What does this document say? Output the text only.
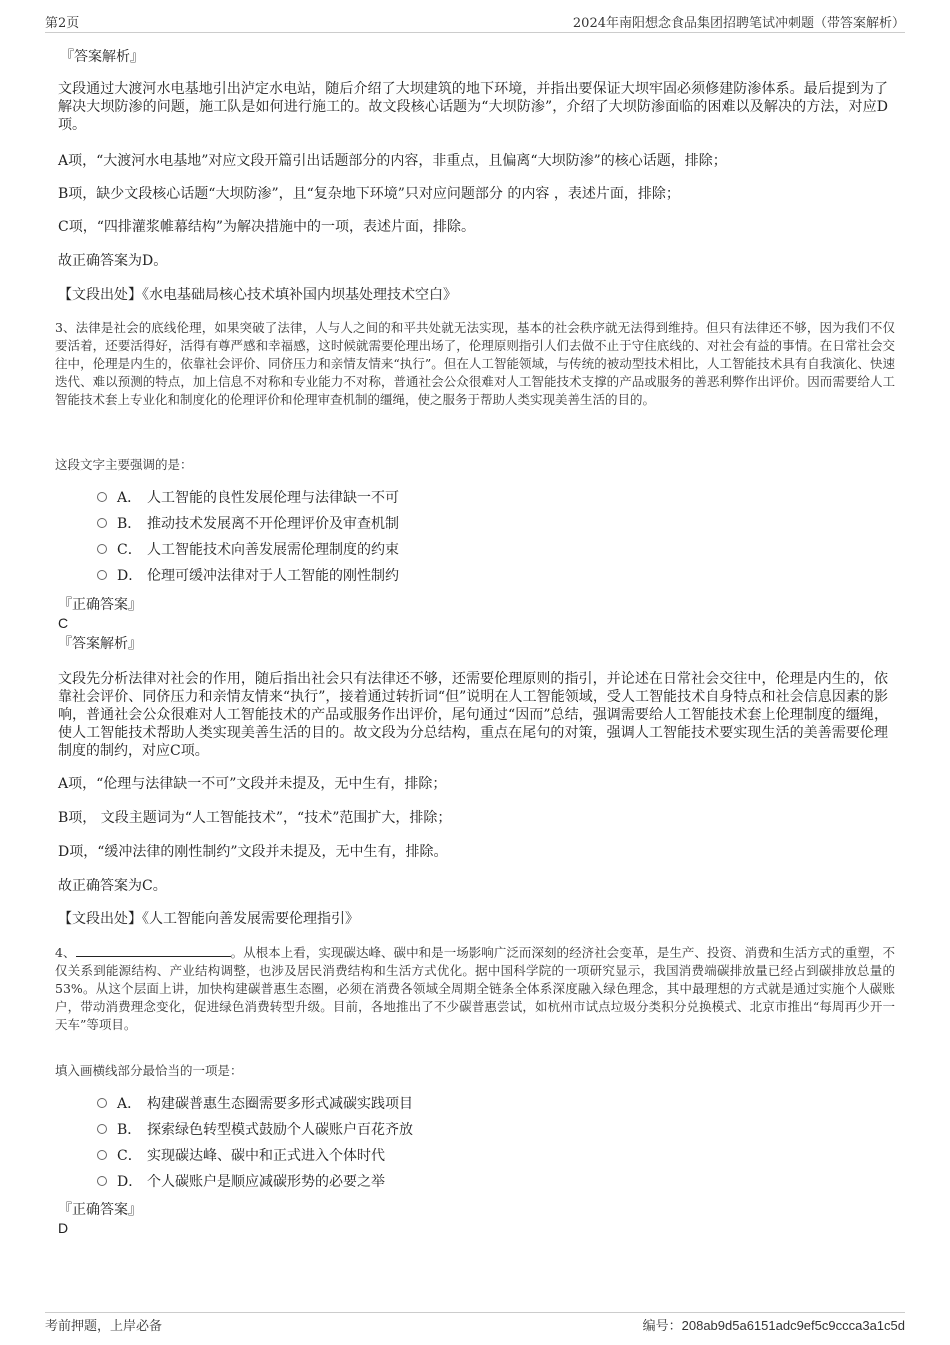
第2页	2024年南阳想念食品集团招聘笔试冲刺题（带答案解析）
『答案解析』
文段通过大渡河水电基地引出泸定水电站，随后介绍了大坝建筑的地下环境，并指出要保证大坝牢固必须修建防渗体系。最后提到为了解决大坝防渗的问题，施工队是如何进行施工的。故文段核心话题为“大坝防渗”，介绍了大坝防渗面临的困难以及解决的方法，对应D项。
A项，“大渡河水电基地”对应文段开篇引出话题部分的内容，非重点，且偏离“大坝防渗”的核心话题，排除；
B项，缺少文段核心话题“大坝防渗”，且“复杂地下环境”只对应问题部分 的内容 ，表述片面，排除；
C项，“四排灌浆帷幕结构”为解决措施中的一项，表述片面，排除。
故正确答案为D。
【文段出处】《水电基础局核心技术填补国内坝基处理技术空白》
3、法律是社会的底线伦理，如果突破了法律，人与人之间的和平共处就无法实现，基本的社会秩序就无法得到维持。但只有法律还不够，因为我们不仅要活着，还要活得好，活得有尊严感和幸福感，这时候就需要伦理出场了，伦理原则指引人们去做不止于守住底线的、对社会有益的事情。在日常社会交往中，伦理是内生的，依靠社会评价、同侪压力和亲情友情来“执行”。但在人工智能领域，与传统的被动型技术相比，人工智能技术具有自我演化、快速迭代、难以预测的特点，加上信息不对称和专业能力不对称，普通社会公众很难对人工智能技术支撑的产品或服务的善恶利弊作出评价。因而需要给人工智能技术套上专业化和制度化的伦理评价和伦理审查机制的缰绳，使之服务于帮助人类实现美善生活的目的。
这段文字主要强调的是：
A． 人工智能的良性发展伦理与法律缺一不可
B． 推动技术发展离不开伦理评价及审查机制
C． 人工智能技术向善发展需伦理制度的约束
D． 伦理可缓冲法律对于人工智能的刚性制约
『正确答案』
C
『答案解析』
文段先分析法律对社会的作用，随后指出社会只有法律还不够，还需要伦理原则的指引，并论述在日常社会交往中，伦理是内生的，依靠社会评价、同侪压力和亲情友情来“执行”，接着通过转折词“但”说明在人工智能领域，受人工智能技术自身特点和社会信息因素的影响，普通社会公众很难对人工智能技术的产品或服务作出评价，尾句通过“因而”总结，强调需要给人工智能技术套上伦理制度的缰绳，使人工智能技术帮助人类实现美善生活的目的。故文段为分总结构，重点在尾句的对策，强调人工智能技术要实现生活的美善需要伦理制度的制约，对应C项。
A项，“伦理与法律缺一不可”文段并未提及，无中生有，排除；
B项， 文段主题词为“人工智能技术”，“技术”范围扩大，排除；
D项，“缓冲法律的刚性制约”文段并未提及，无中生有，排除。
故正确答案为C。
【文段出处】《人工智能向善发展需要伦理指引》
4、	。从根本上看，实现碳达峰、碳中和是一场影响广泛而深刻的经济社会变革，是生产、投资、消费和生活方式的重塑，不仅关系到能源结构、产业结构调整，也涉及居民消费结构和生活方式优化。据中国科学院的一项研究显示，我国消费端碳排放量已经占到碳排放总量的53%。从这个层面上讲，加快构建碳普惠生态圈，必须在消费各领域全周期全链条全体系深度融入绿色理念，其中最理想的方式就是通过实施个人碳账户，带动消费理念变化，促进绿色消费转型升级。目前，各地推出了不少碳普惠尝试，如杭州市试点垃圾分类积分兑换模式、北京市推出“每周再少开一天车”等项目。
填入画横线部分最恰当的一项是：
A． 构建碳普惠生态圈需要多形式减碳实践项目
B． 探索绿色转型模式鼓励个人碳账户百花齐放
C． 实现碳达峰、碳中和正式进入个体时代
D． 个人碳账户是顺应减碳形势的必要之举
『正确答案』
D
考前押题，上岸必备	编号：208ab9d5a6151adc9ef5c9ccca3a1c5d
